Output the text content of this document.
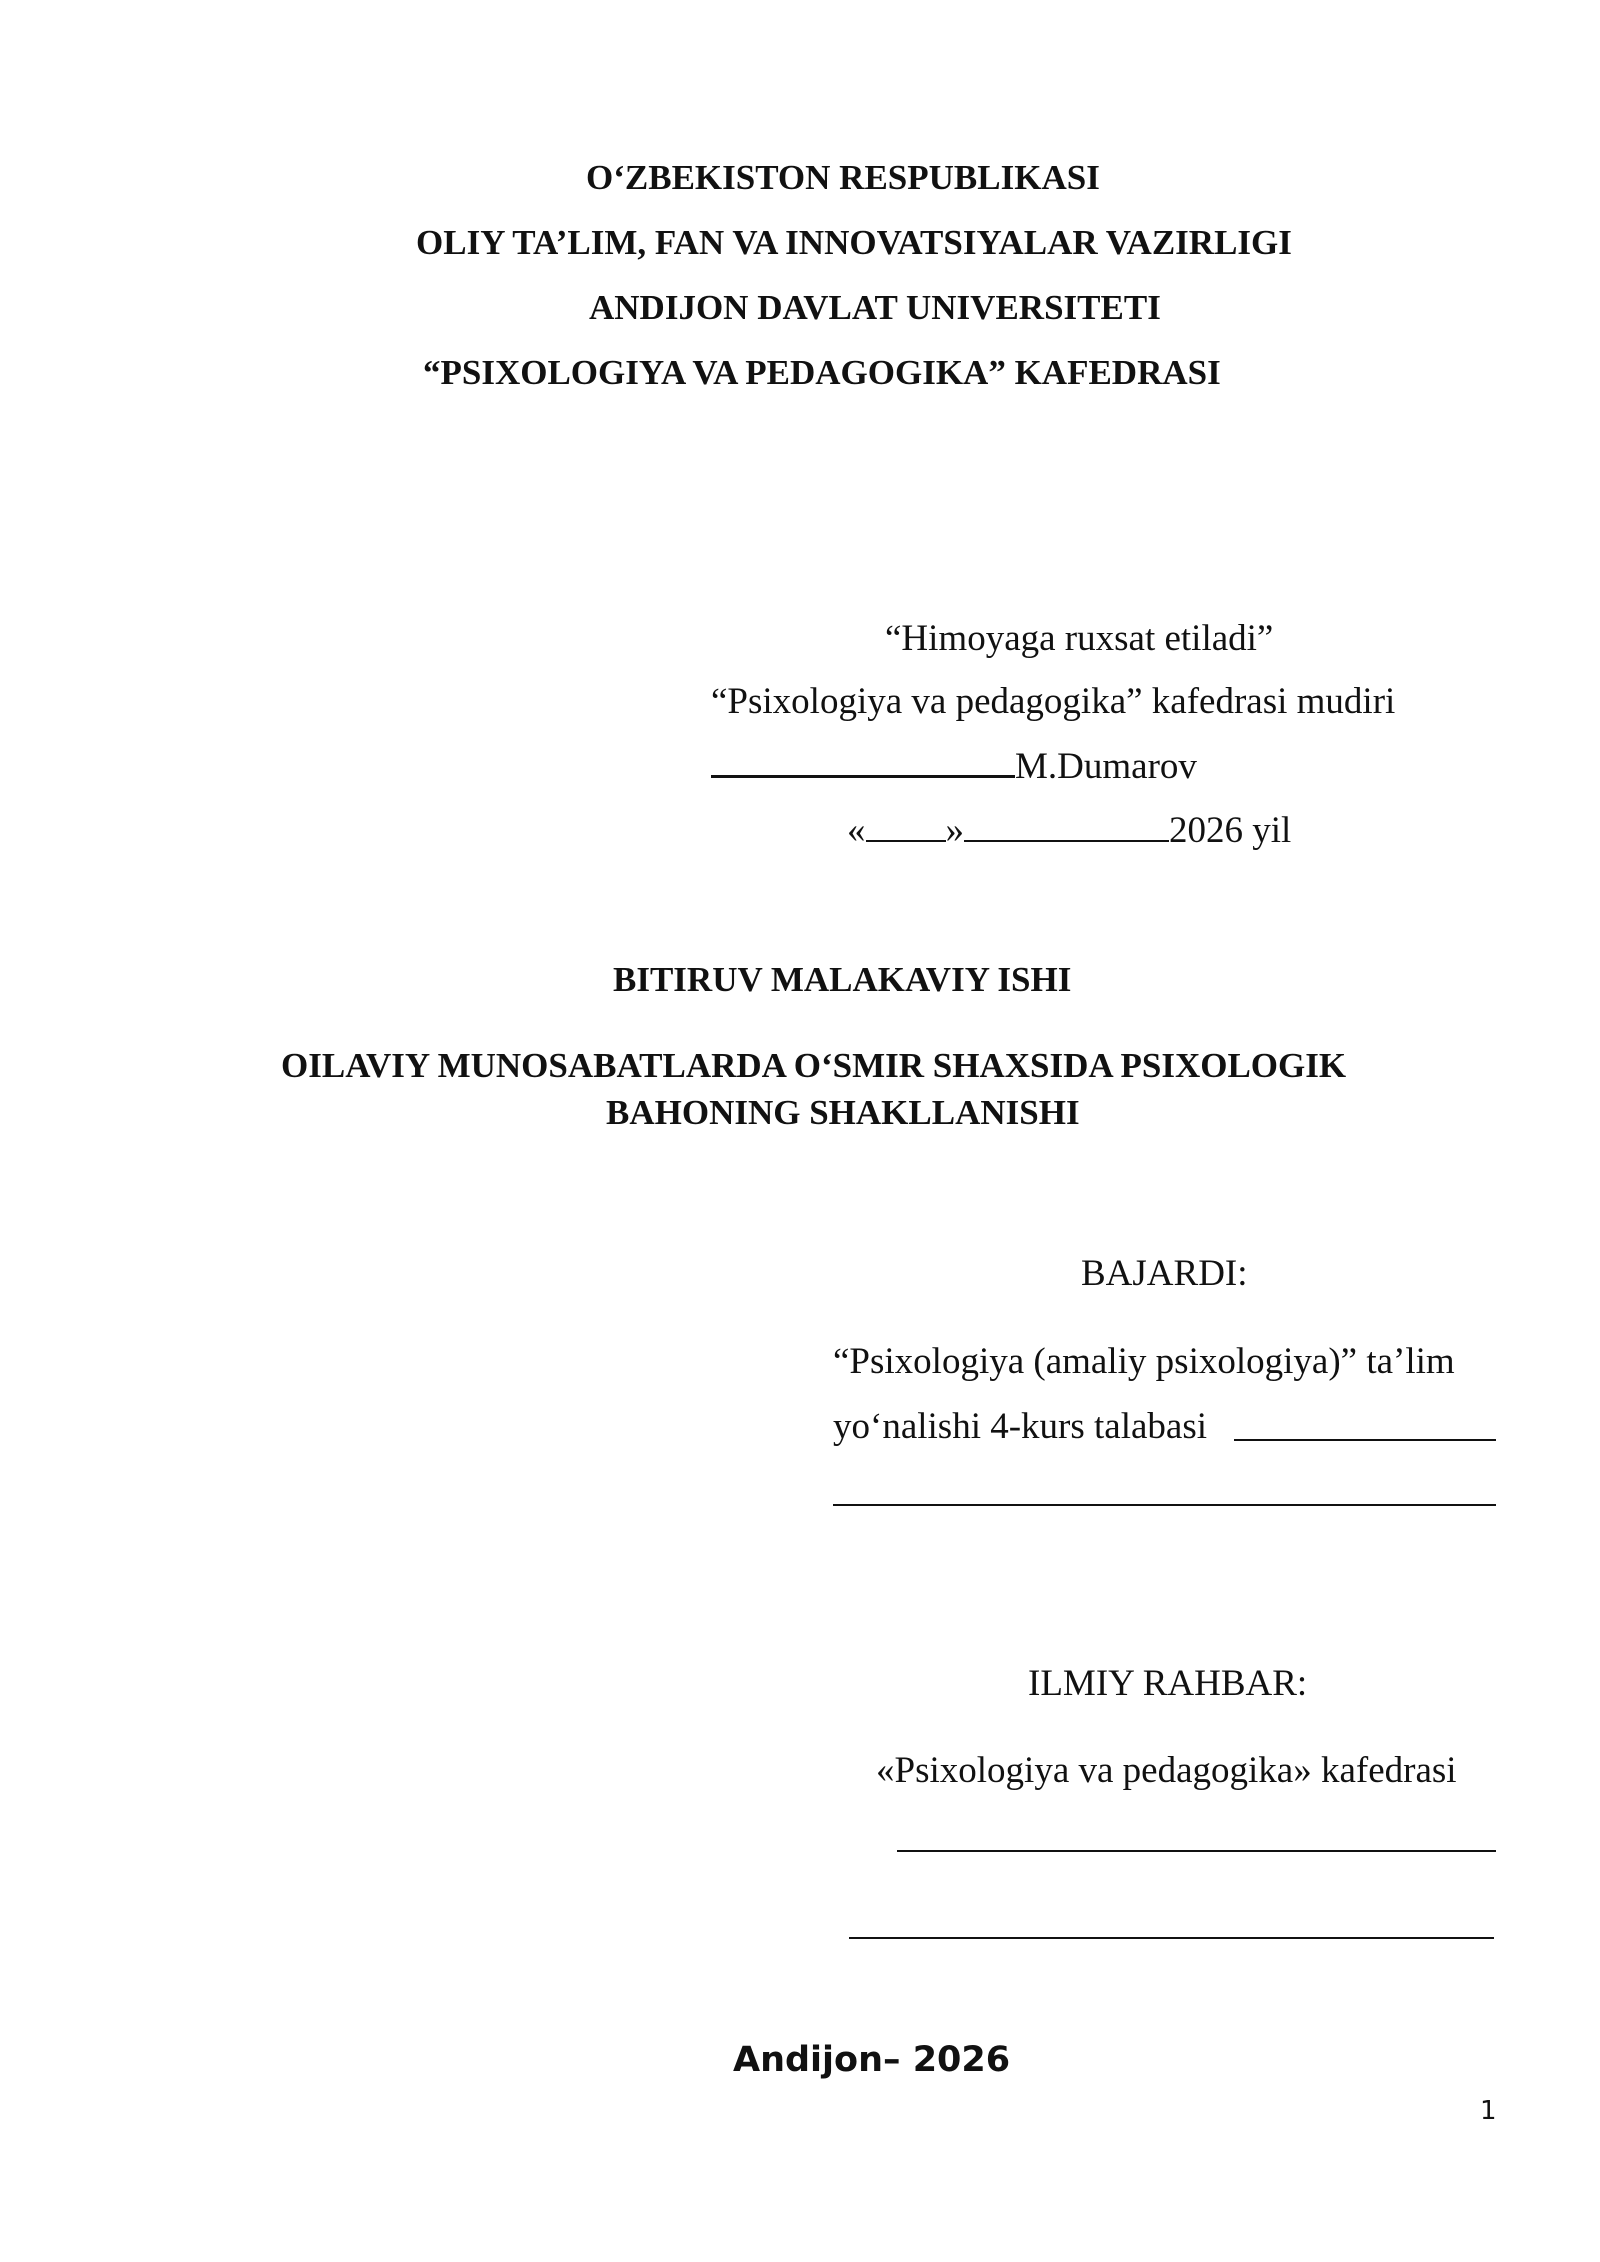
O‘ZBEKISTON RESPUBLIKASI
OLIY TA’LIM, FAN VA INNOVATSIYALAR VAZIRLIGI
ANDIJON DAVLAT UNIVERSITETI
“PSIXOLOGIYA VA PEDAGOGIKA” KAFEDRASI
“Himoyaga ruxsat etiladi”
“Psixologiya va pedagogika” kafedrasi mudiri
M.Dumarov
« »	2026 yil
BITIRUV MALAKAVIY ISHI
OILAVIY MUNOSABATLARDA O‘SMIR SHAXSIDA PSIXOLOGIK
BAHONING SHAKLLANISHI
BAJARDI:
“Psixologiya (amaliy psixologiya)” ta’lim
yo‘nalishi 4-kurs talabasi
ILMIY RAHBAR:
«Psixologiya va pedagogika» kafedrasi
Andijon– 2026
1
